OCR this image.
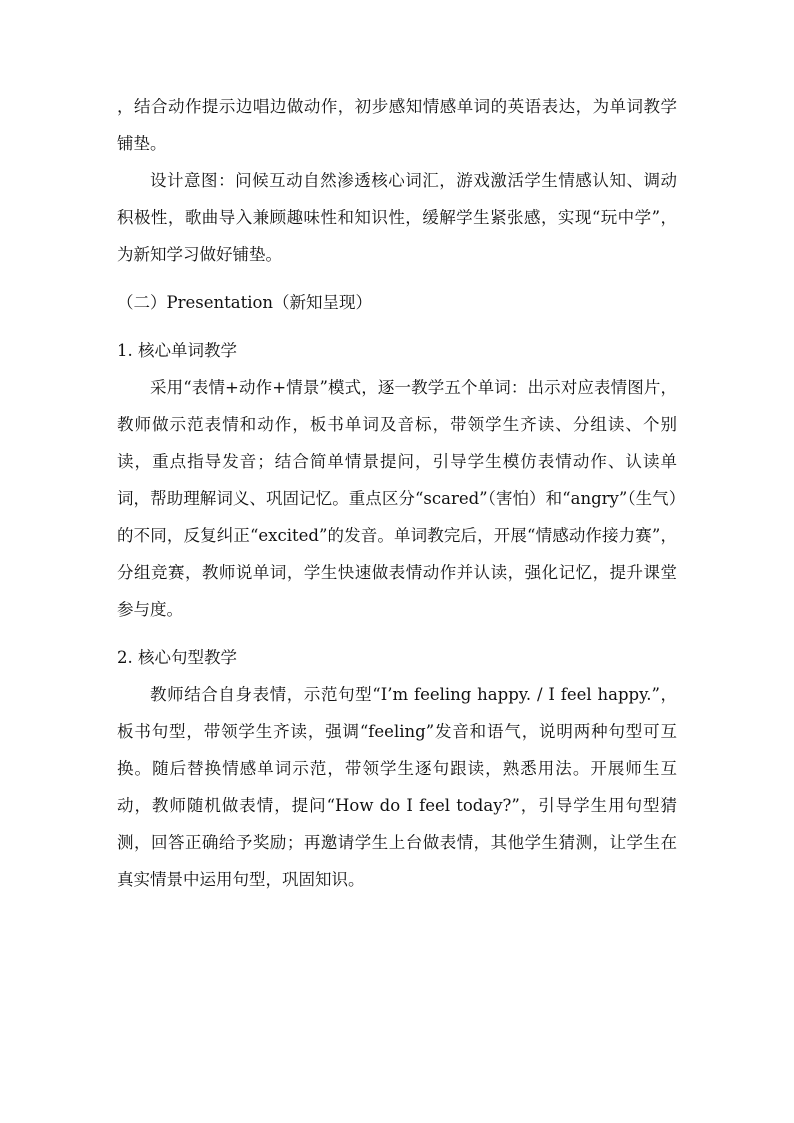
，结合动作提示边唱边做动作，初步感知情感单词的英语表达，为单词教学铺垫。

设计意图：问候互动自然渗透核心词汇，游戏激活学生情感认知、调动积极性，歌曲导入兼顾趣味性和知识性，缓解学生紧张感，实现“玩中学”，为新知学习做好铺垫。

（二）Presentation（新知呈现）

1. 核心单词教学

采用“表情+动作+情景”模式，逐一教学五个单词：出示对应表情图片，教师做示范表情和动作，板书单词及音标，带领学生齐读、分组读、个别读，重点指导发音；结合简单情景提问，引导学生模仿表情动作、认读单词，帮助理解词义、巩固记忆。重点区分“scared”（害怕）和“angry”（生气）的不同，反复纠正“excited”的发音。单词教完后，开展“情感动作接力赛”，分组竞赛，教师说单词，学生快速做表情动作并认读，强化记忆，提升课堂参与度。

2. 核心句型教学

教师结合自身表情，示范句型“I’m feeling happy. / I feel happy.”，板书句型，带领学生齐读，强调“feeling”发音和语气，说明两种句型可互换。随后替换情感单词示范，带领学生逐句跟读，熟悉用法。开展师生互动，教师随机做表情，提问“How do I feel today?”，引导学生用句型猜测，回答正确给予奖励；再邀请学生上台做表情，其他学生猜测，让学生在真实情景中运用句型，巩固知识。
